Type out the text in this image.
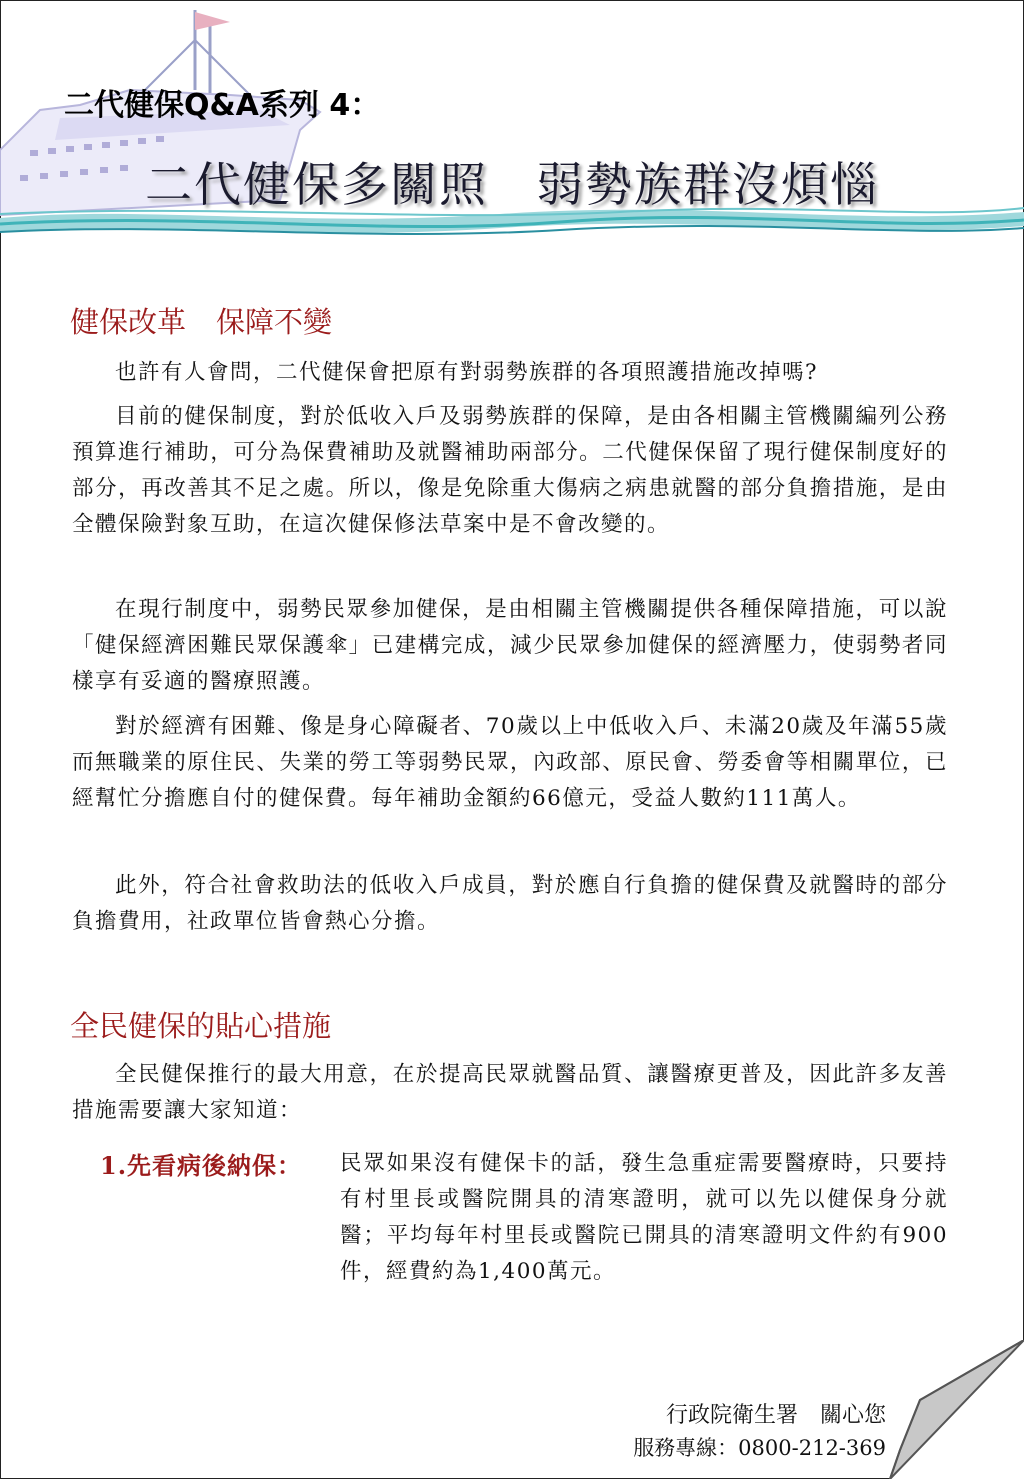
二代健保Q&A系列 4：
二代健保多關照 弱勢族群沒煩惱
健保改革 保障不變

也許有人會問，二代健保會把原有對弱勢族群的各項照護措施改掉嗎?

目前的健保制度，對於低收入戶及弱勢族群的保障，是由各相關主管機關編列公務預算進行補助，可分為保費補助及就醫補助兩部分。二代健保保留了現行健保制度好的部分，再改善其不足之處。所以，像是免除重大傷病之病患就醫的部分負擔措施，是由全體保險對象互助，在這次健保修法草案中是不會改變的。

在現行制度中，弱勢民眾參加健保，是由相關主管機關提供各種保障措施，可以說「健保經濟困難民眾保護傘」已建構完成，減少民眾參加健保的經濟壓力，使弱勢者同樣享有妥適的醫療照護。

對於經濟有困難、像是身心障礙者、70歲以上中低收入戶、未滿20歲及年滿55歲而無職業的原住民、失業的勞工等弱勢民眾，內政部、原民會、勞委會等相關單位，已經幫忙分擔應自付的健保費。每年補助金額約66億元，受益人數約111萬人。

此外，符合社會救助法的低收入戶成員，對於應自行負擔的健保費及就醫時的部分負擔費用，社政單位皆會熱心分擔。

全民健保的貼心措施

全民健保推行的最大用意，在於提高民眾就醫品質、讓醫療更普及，因此許多友善措施需要讓大家知道：

1.先看病後納保： 民眾如果沒有健保卡的話，發生急重症需要醫療時，只要持有村里長或醫院開具的清寒證明，就可以先以健保身分就醫；平均每年村里長或醫院已開具的清寒證明文件約有900件，經費約為1,400萬元。

行政院衛生署　關心您
服務專線：0800-212-369
